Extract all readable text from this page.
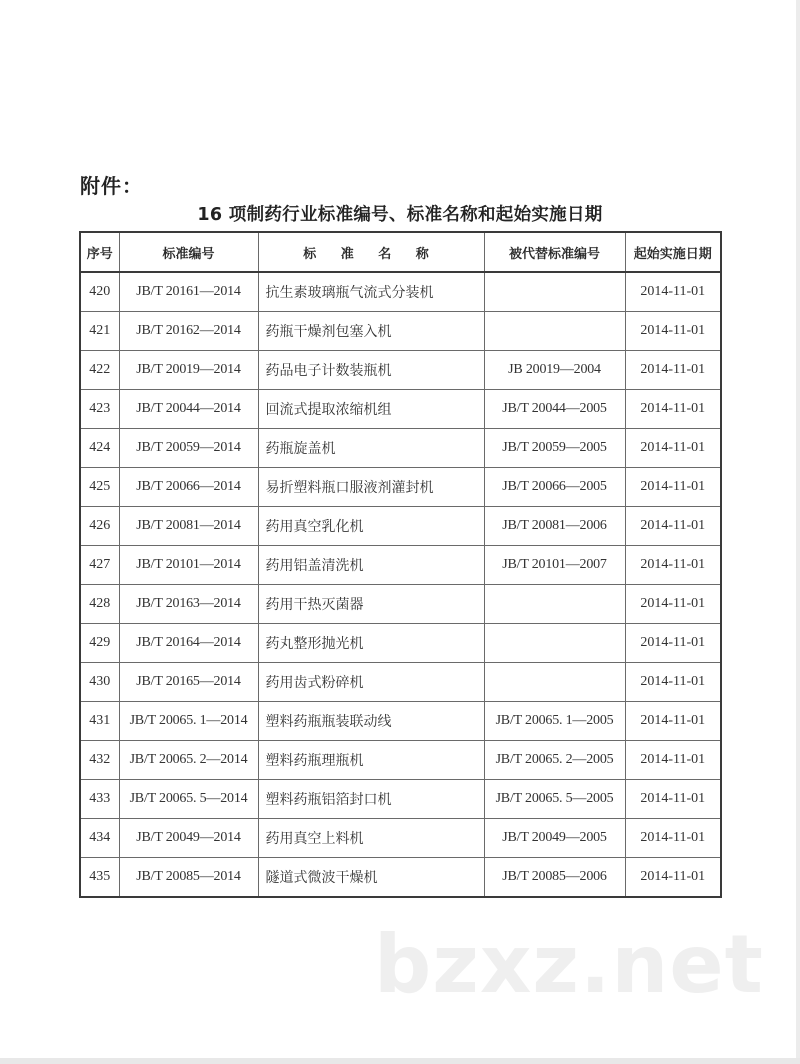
附件：
16 项制药行业标准编号、标准名称和起始实施日期
序号	标准编号	标 准 名 称	被代替标准编号	起始实施日期
420	JB/T 20161—2014	抗生素玻璃瓶气流式分装机		2014-11-01
421	JB/T 20162—2014	药瓶干燥剂包塞入机		2014-11-01
422	JB/T 20019—2014	药品电子计数装瓶机	JB 20019—2004	2014-11-01
423	JB/T 20044—2014	回流式提取浓缩机组	JB/T 20044—2005	2014-11-01
424	JB/T 20059—2014	药瓶旋盖机	JB/T 20059—2005	2014-11-01
425	JB/T 20066—2014	易折塑料瓶口服液剂灌封机	JB/T 20066—2005	2014-11-01
426	JB/T 20081—2014	药用真空乳化机	JB/T 20081—2006	2014-11-01
427	JB/T 20101—2014	药用铝盖清洗机	JB/T 20101—2007	2014-11-01
428	JB/T 20163—2014	药用干热灭菌器		2014-11-01
429	JB/T 20164—2014	药丸整形抛光机		2014-11-01
430	JB/T 20165—2014	药用齿式粉碎机		2014-11-01
431	JB/T 20065. 1—2014	塑料药瓶瓶装联动线	JB/T 20065. 1—2005	2014-11-01
432	JB/T 20065. 2—2014	塑料药瓶理瓶机	JB/T 20065. 2—2005	2014-11-01
433	JB/T 20065. 5—2014	塑料药瓶铝箔封口机	JB/T 20065. 5—2005	2014-11-01
434	JB/T 20049—2014	药用真空上料机	JB/T 20049—2005	2014-11-01
435	JB/T 20085—2014	隧道式微波干燥机	JB/T 20085—2006	2014-11-01
bzxz.net
